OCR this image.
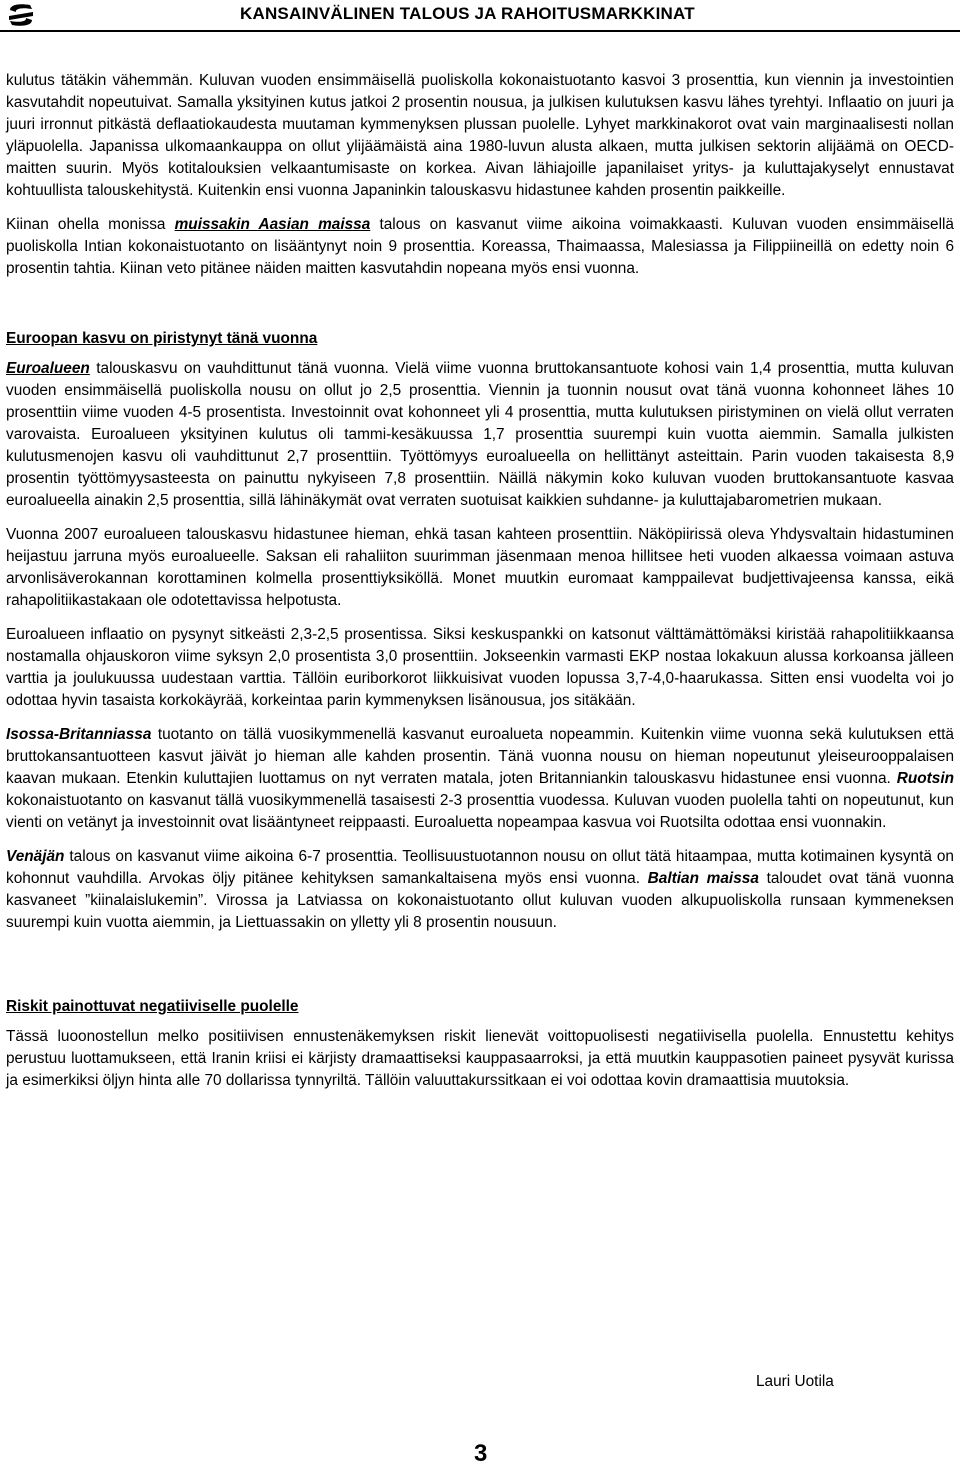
KANSAINVÄLINEN TALOUS JA RAHOITUSMARKKINAT

kulutus tätäkin vähemmän. Kuluvan vuoden ensimmäisellä puoliskolla kokonaistuotanto kasvoi 3 prosenttia, kun viennin ja investointien kasvutahdit nopeutuivat. Samalla yksityinen kutus jatkoi 2 prosentin nousua, ja julkisen kulutuksen kasvu lähes tyrehtyi. Inflaatio on juuri ja juuri irronnut pitkästä deflaatiokaudesta muutaman kymmenyksen plussan puolelle. Lyhyet markkinakorot ovat vain marginaalisesti nollan yläpuolella. Japanissa ulkomaankauppa on ollut ylijäämäistä aina 1980-luvun alusta alkaen, mutta julkisen sektorin alijäämä on OECD-maitten suurin. Myös kotitalouksien velkaantumisaste on korkea. Aivan lähiajoille japanilaiset yritys- ja kuluttajakyselyt ennustavat kohtuullista talouskehitystä. Kuitenkin ensi vuonna Japaninkin talouskasvu hidastunee kahden prosentin paikkeille.

Kiinan ohella monissa muissakin Aasian maissa talous on kasvanut viime aikoina voimakkaasti. Kuluvan vuoden ensimmäisellä puoliskolla Intian kokonaistuotanto on lisääntynyt noin 9 prosenttia. Koreassa, Thaimaassa, Malesiassa ja Filippiineillä on edetty noin 6 prosentin tahtia. Kiinan veto pitänee näiden maitten kasvutahdin nopeana myös ensi vuonna.

Euroopan kasvu on piristynyt tänä vuonna

Euroalueen talouskasvu on vauhdittunut tänä vuonna. Vielä viime vuonna bruttokansantuote kohosi vain 1,4 prosenttia, mutta kuluvan vuoden ensimmäisellä puoliskolla nousu on ollut jo 2,5 prosenttia. Viennin ja tuonnin nousut ovat tänä vuonna kohonneet lähes 10 prosenttiin viime vuoden 4-5 prosentista. Investoinnit ovat kohonneet yli 4 prosenttia, mutta kulutuksen piristyminen on vielä ollut verraten varovaista. Euroalueen yksityinen kulutus oli tammi-kesäkuussa 1,7 prosenttia suurempi kuin vuotta aiemmin. Samalla julkisten kulutusmenojen kasvu oli vauhdittunut 2,7 prosenttiin. Työttömyys euroalueella on hellittänyt asteittain. Parin vuoden takaisesta 8,9 prosentin työttömyysasteesta on painuttu nykyiseen 7,8 prosenttiin. Näillä näkymin koko kuluvan vuoden bruttokansantuote kasvaa euroalueella ainakin 2,5 prosenttia, sillä lähinäkymät ovat verraten suotuisat kaikkien suhdanne- ja kuluttajabarometrien mukaan.

Vuonna 2007 euroalueen talouskasvu hidastunee hieman, ehkä tasan kahteen prosenttiin. Näköpiirissä oleva Yhdysvaltain hidastuminen heijastuu jarruna myös euroalueelle. Saksan eli rahaliiton suurimman jäsenmaan menoa hillitsee heti vuoden alkaessa voimaan astuva arvonlisäverokannan korottaminen kolmella prosenttiyksiköllä. Monet muutkin euromaat kamppailevat budjettivajeensa kanssa, eikä rahapolitiikastakaan ole odotettavissa helpotusta.

Euroalueen inflaatio on pysynyt sitkeästi 2,3-2,5 prosentissa. Siksi keskuspankki on katsonut välttämättömäksi kiristää rahapolitiikkaansa nostamalla ohjauskoron viime syksyn 2,0 prosentista 3,0 prosenttiin. Jokseenkin varmasti EKP nostaa lokakuun alussa korkoansa jälleen varttia ja joulukuussa uudestaan varttia. Tällöin euriborkorot liikkuisivat vuoden lopussa 3,7-4,0-haarukassa. Sitten ensi vuodelta voi jo odottaa hyvin tasaista korkokäyrää, korkeintaa parin kymmenyksen lisänousua, jos sitäkään.

Isossa-Britanniassa tuotanto on tällä vuosikymmenellä kasvanut euroalueta nopeammin. Kuitenkin viime vuonna sekä kulutuksen että bruttokansantuotteen kasvut jäivät jo hieman alle kahden prosentin. Tänä vuonna nousu on hieman nopeutunut yleiseurooppalaisen kaavan mukaan. Etenkin kuluttajien luottamus on nyt verraten matala, joten Britanniankin talouskasvu hidastunee ensi vuonna. Ruotsin kokonaistuotanto on kasvanut tällä vuosikymmenellä tasaisesti 2-3 prosenttia vuodessa. Kuluvan vuoden puolella tahti on nopeutunut, kun vienti on vetänyt ja investoinnit ovat lisääntyneet reippaasti. Euroaluetta nopeampaa kasvua voi Ruotsilta odottaa ensi vuonnakin.

Venäjän talous on kasvanut viime aikoina 6-7 prosenttia. Teollisuustuotannon nousu on ollut tätä hitaampaa, mutta kotimainen kysyntä on kohonnut vauhdilla. Arvokas öljy pitänee kehityksen samankaltaisena myös ensi vuonna. Baltian maissa taloudet ovat tänä vuonna kasvaneet ”kiinalaislukemin”. Virossa ja Latviassa on kokonaistuotanto ollut kuluvan vuoden alkupuoliskolla runsaan kymmeneksen suurempi kuin vuotta aiemmin, ja Liettuassakin on ylletty yli 8 prosentin nousuun.

Riskit painottuvat negatiiviselle puolelle

Tässä luoonostellun melko positiivisen ennustenäkemyksen riskit lienevät voittopuolisesti negatiivisella puolella. Ennustettu kehitys perustuu luottamukseen, että Iranin kriisi ei kärjisty dramaattiseksi kauppasaarroksi, ja että muutkin kauppasotien paineet pysyvät kurissa ja esimerkiksi öljyn hinta alle 70 dollarissa tynnyriltä. Tällöin valuuttakurssitkaan ei voi odottaa kovin dramaattisia muutoksia.

Lauri Uotila
3
